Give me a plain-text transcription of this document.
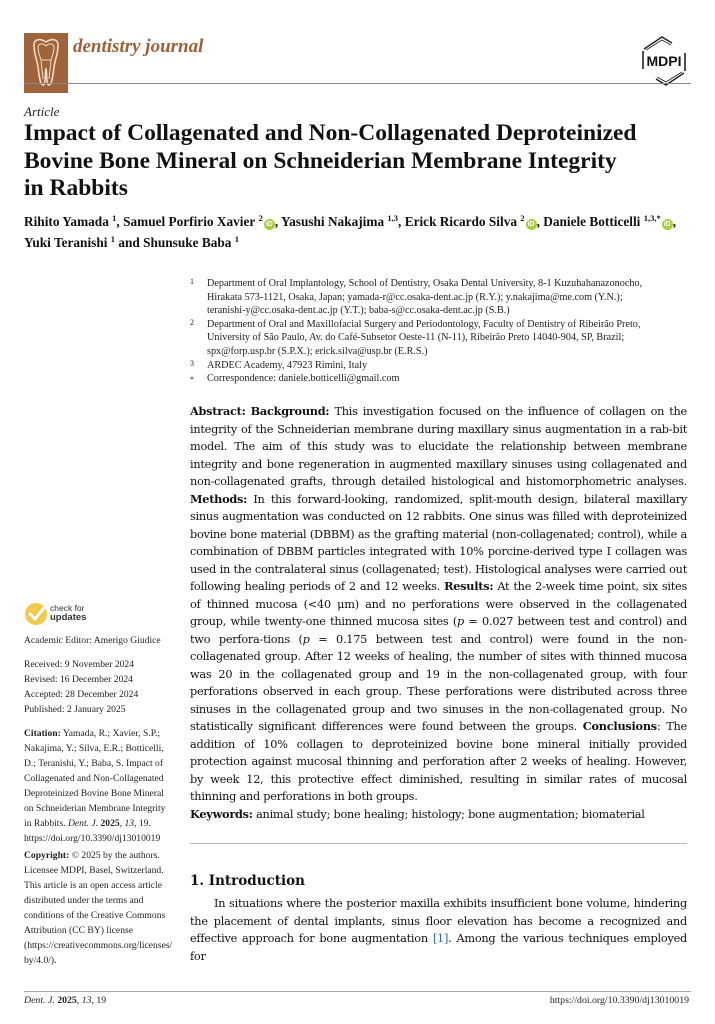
dentistry journal
MDPI
Article
Impact of Collagenated and Non-Collagenated Deproteinized
Bovine Bone Mineral on Schneiderian Membrane Integrity
in Rabbits
Rihito Yamada $^1$, Samuel Porfirio Xavier $^2$iD , Yasushi Nakajima $^{1,3}$, Erick Ricardo Silva $^2$iD , Daniele Botticelli $^{1,3,*}$iD ,
Yuki Teranishi $^1$ and Shunsuke Baba $^1$
1 Department of Oral Implantology, School of Dentistry, Osaka Dental University, 8-1 Kuzuhahanazonocho,
Hirakata 573-1121, Osaka, Japan; yamada-r@cc.osaka-dent.ac.jp (R.Y.); y.nakajima@me.com (Y.N.);
teranishi-y@cc.osaka-dent.ac.jp (Y.T.); baba-s@cc.osaka-dent.ac.jp (S.B.)
2 Department of Oral and Maxillofacial Surgery and Periodontology, Faculty of Dentistry of Ribeirão Preto,
University of São Paulo, Av. do Café-Subsetor Oeste-11 (N-11), Ribeirão Preto 14040-904, SP, Brazil;
spx@forp.usp.br (S.P.X.); erick.silva@usp.br (E.R.S.)
3 ARDEC Academy, 47923 Rimini, Italy
* Correspondence: daniele.botticelli@gmail.com
Abstract: Background: This investigation focused on the influence of collagen on the integrity of the Schneiderian membrane during maxillary sinus augmentation in a rab-bit model. The aim of this study was to elucidate the relationship between membrane integrity and bone regeneration in augmented maxillary sinuses using collagenated and non-collagenated grafts, through detailed histological and histomorphometric analyses. Methods: In this forward-looking, randomized, split-mouth design, bilateral maxillary sinus augmentation was conducted on 12 rabbits. One sinus was filled with deproteinized bovine bone material (DBBM) as the grafting material (non-collagenated; control), while a combination of DBBM particles integrated with 10% porcine-derived type I collagen was used in the contralateral sinus (collagenated; test). Histological analyses were carried out following healing periods of 2 and 12 weeks. Results: At the 2-week time point, six sites of thinned mucosa (<40 μm) and no perforations were observed in the collagenated group, while twenty-one thinned mucosa sites (p = 0.027 between test and control) and two perfora-tions (p = 0.175 between test and control) were found in the non-collagenated group. After 12 weeks of healing, the number of sites with thinned mucosa was 20 in the collagenated group and 19 in the non-collagenated group, with four perforations observed in each group. These perforations were distributed across three sinuses in the collagenated group and two sinuses in the non-collagenated group. No statistically significant differences were found between the groups. Conclusions: The addition of 10% collagen to deproteinized bovine bone mineral initially provided protection against mucosal thinning and perforation after 2 weeks of healing. However, by week 12, this protective effect diminished, resulting in similar rates of mucosal thinning and perforations in both groups.
Keywords: animal study; bone healing; histology; bone augmentation; biomaterial
1. Introduction
In situations where the posterior maxilla exhibits insufficient bone volume, hindering the placement of dental implants, sinus floor elevation has become a recognized and effective approach for bone augmentation [1]. Among the various techniques employed for
check for
updates
Academic Editor: Amerigo Giudice
Received: 9 November 2024
Revised: 16 December 2024
Accepted: 28 December 2024
Published: 2 January 2025
Citation: Yamada, R.; Xavier, S.P.; Nakajima, Y.; Silva, E.R.; Botticelli, D.; Teranishi, Y.; Baba, S. Impact of Collagenated and Non-Collagenated Deproteinized Bovine Bone Mineral on Schneiderian Membrane Integrity in Rabbits. Dent. J. 2025, 13, 19.
https://doi.org/10.3390/dj13010019
Copyright: © 2025 by the authors. Licensee MDPI, Basel, Switzerland. This article is an open access article distributed under the terms and conditions of the Creative Commons Attribution (CC BY) license (https://creativecommons.org/licenses/by/4.0/).
Dent. J. 2025, 13, 19	https://doi.org/10.3390/dj13010019
